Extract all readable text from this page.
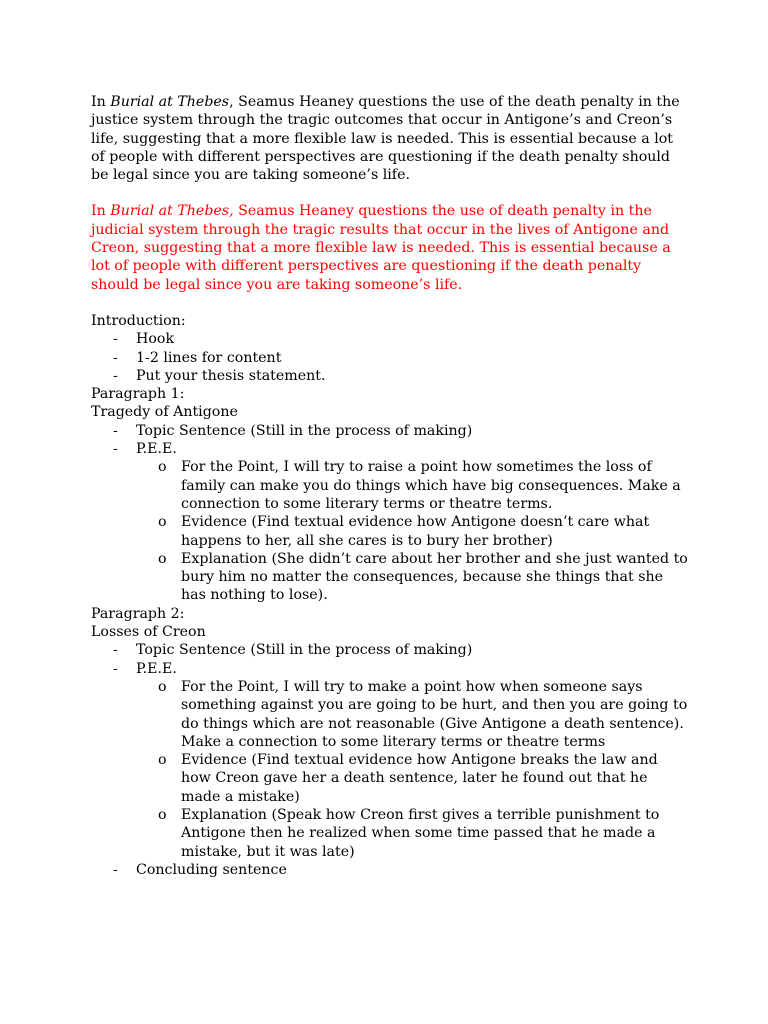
In Burial at Thebes, Seamus Heaney questions the use of the death penalty in the justice system through the tragic outcomes that occur in Antigone’s and Creon’s life, suggesting that a more flexible law is needed. This is essential because a lot of people with different perspectives are questioning if the death penalty should be legal since you are taking someone’s life.

In Burial at Thebes, Seamus Heaney questions the use of death penalty in the judicial system through the tragic results that occur in the lives of Antigone and Creon, suggesting that a more flexible law is needed. This is essential because a lot of people with different perspectives are questioning if the death penalty should be legal since you are taking someone’s life.

Introduction:
- Hook
- 1-2 lines for content
- Put your thesis statement.
Paragraph 1:
Tragedy of Antigone
- Topic Sentence (Still in the process of making)
- P.E.E.
o For the Point, I will try to raise a point how sometimes the loss of family can make you do things which have big consequences. Make a connection to some literary terms or theatre terms.
o Evidence (Find textual evidence how Antigone doesn’t care what happens to her, all she cares is to bury her brother)
o Explanation (She didn’t care about her brother and she just wanted to bury him no matter the consequences, because she things that she has nothing to lose).
Paragraph 2:
Losses of Creon
- Topic Sentence (Still in the process of making)
- P.E.E.
o For the Point, I will try to make a point how when someone says something against you are going to be hurt, and then you are going to do things which are not reasonable (Give Antigone a death sentence). Make a connection to some literary terms or theatre terms
o Evidence (Find textual evidence how Antigone breaks the law and how Creon gave her a death sentence, later he found out that he made a mistake)
o Explanation (Speak how Creon first gives a terrible punishment to Antigone then he realized when some time passed that he made a mistake, but it was late)
- Concluding sentence
